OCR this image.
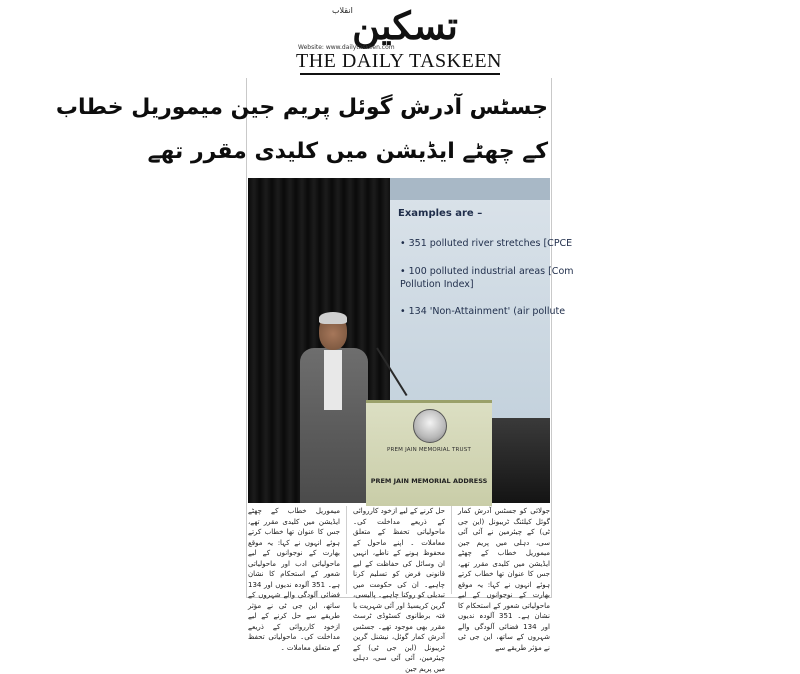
انقلاب تسکین
Website: www.dailytaskeen.com
THE DAILY TASKEEN
جسٹس آدرش گوئل پریم جین میموریل خطاب
کے چھٹے ایڈیشن میں کلیدی مقرر تھے
Examples are –
• 351 polluted river stretches [CPCE
• 100 polluted industrial areas [Com
Pollution Index]
• 134 'Non-Attainment' (air pollute
PREM JAIN MEMORIAL TRUST
PREM JAIN MEMORIAL ADDRESS
جولائی کو جسٹس آدرش کمار گوئل کیلئنگ ٹریبونل (این جی ٹی) کے چیئرمین نے آئی آئی سی، دہلی میں پریم جین میموریل خطاب کے چھٹے ایڈیشن میں کلیدی مقرر تھے، جس کا عنوان تھا خطاب کرتے ہوئے انہوں نے کہا: یہ موقع بھارت کے نوجوانوں کے لیے ماحولیاتی شعور کے استحکام کا نشان ہے۔ 351 آلودہ ندیوں اور 134 فضائی آلودگی والے شہروں کے ساتھ، این جی ٹی نے مؤثر طریقے سے
حل کرنے کے لیے ازخود کارروائی کے ذریعے مداخلت کی۔ ماحولیاتی تحفظ کے متعلق معاملات ۔ اپنے ماحول کے محفوظ ہونے کے ناطے، انہیں ان وسائل کی حفاظت کے لیے قانونی فرض کو تسلیم کرنا چاہیے۔ ان کی حکومت میں تبدیلی کو روکنا چاہیے۔ پالیسی، گرین کریسیڈ اور آئی شہریت یا فتہ برطانوی کسٹوڈی ٹرسٹ مقرر بھی موجود تھے۔ جسٹس آدرش کمار گوئل، نیشنل گرین ٹریبونل (این جی ٹی) کے چیئرمین، آئی آئی سی، دہلی میں پریم جین
میموریل خطاب کے چھٹے ایڈیشن میں کلیدی مقرر تھے، جس کا عنوان تھا خطاب کرتے ہوئے انہوں نے کہا: یہ موقع بھارت کے نوجوانوں کے لیے ماحولیاتی ادب اور ماحولیاتی شعور کے استحکام کا نشان ہے۔ 351 آلودہ ندیوں اور 134 فضائی آلودگی والے شہروں کے ساتھ، این جی ٹی نے مؤثر طریقے سے حل کرنے کے لیے ازخود کارروائی کے ذریعے مداخلت کی۔ ماحولیاتی تحفظ کے متعلق معاملات ۔
